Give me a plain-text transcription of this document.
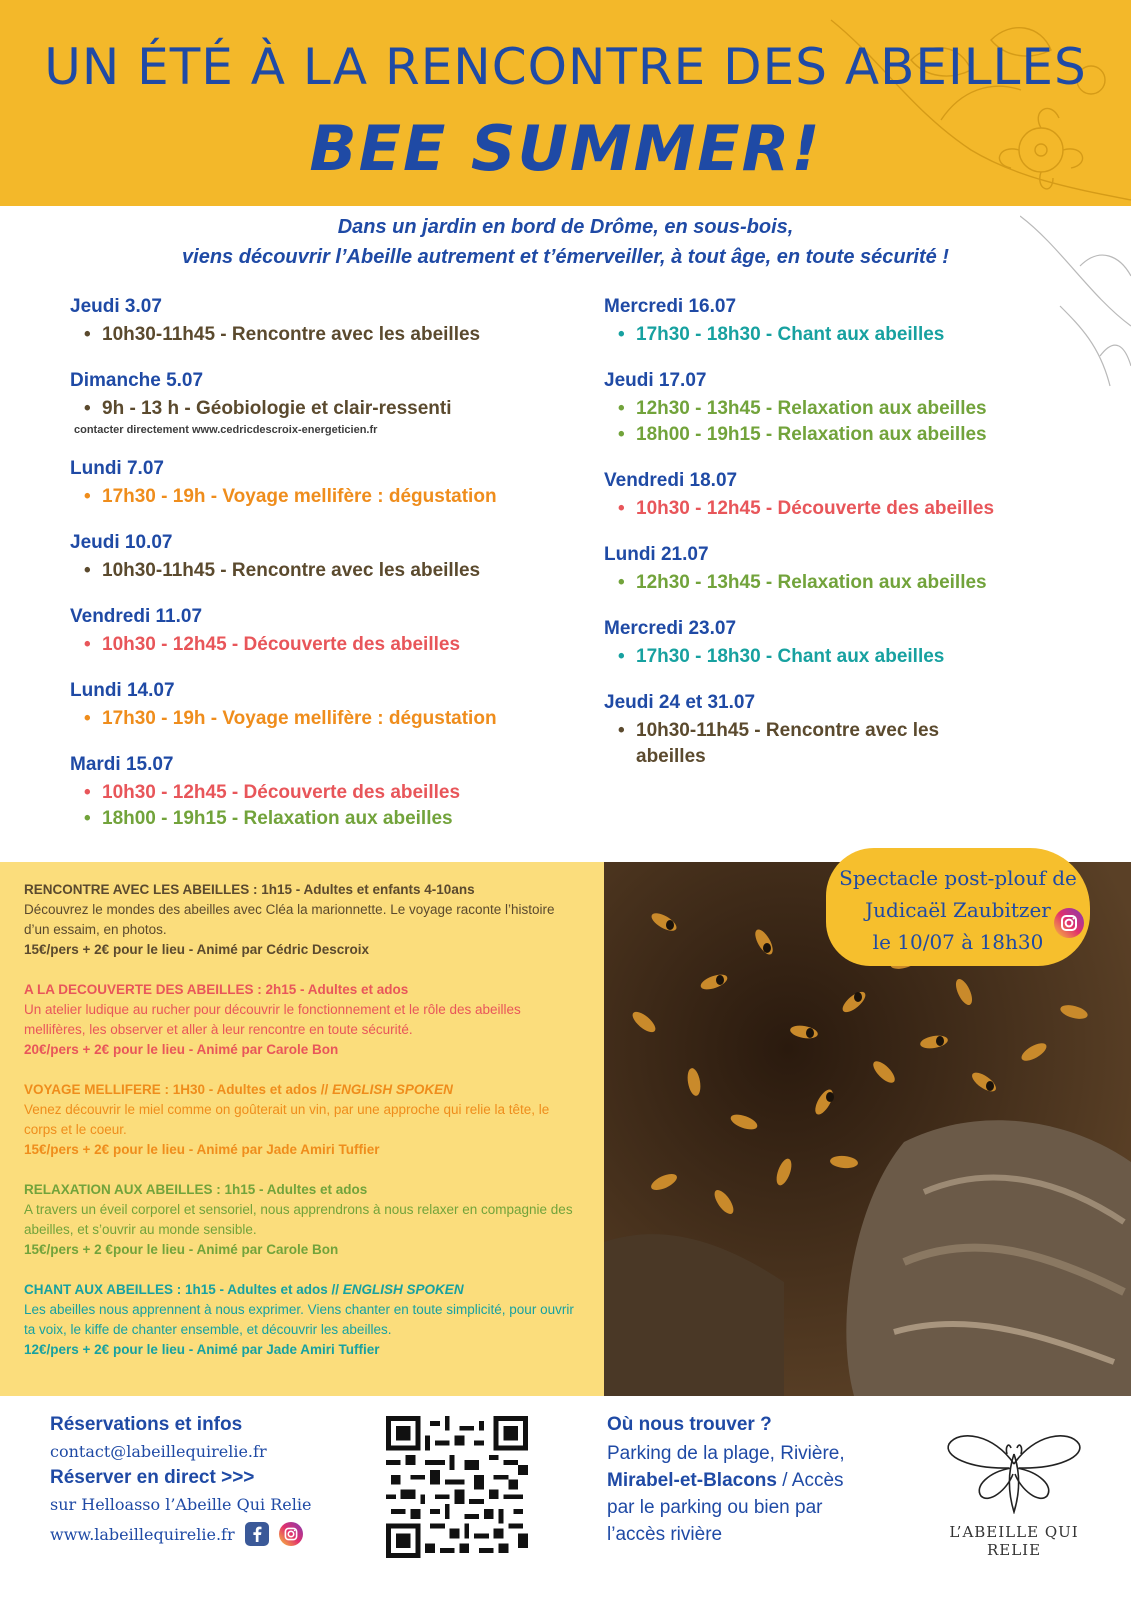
UN ÉTÉ À LA RENCONTRE DES ABEILLES
BEE SUMMER!
Dans un jardin en bord de Drôme, en sous-bois,
viens découvrir l’Abeille autrement et t’émerveiller, à tout âge, en toute sécurité !
Jeudi 3.07
• 10h30-11h45 - Rencontre avec les abeilles
Dimanche 5.07
• 9h - 13 h - Géobiologie et clair-ressenti
contacter directement www.cedricdescroix-energeticien.fr
Lundi 7.07
• 17h30 - 19h - Voyage mellifère : dégustation
Jeudi 10.07
• 10h30-11h45 - Rencontre avec les abeilles
Vendredi 11.07
• 10h30 - 12h45 - Découverte des abeilles
Lundi 14.07
• 17h30 - 19h - Voyage mellifère : dégustation
Mardi 15.07
• 10h30 - 12h45 - Découverte des abeilles
• 18h00 - 19h15 - Relaxation aux abeilles
Mercredi 16.07
• 17h30 - 18h30 - Chant aux abeilles
Jeudi 17.07
• 12h30 - 13h45 - Relaxation aux abeilles
• 18h00 - 19h15 - Relaxation aux abeilles
Vendredi 18.07
• 10h30 - 12h45 - Découverte des abeilles
Lundi 21.07
• 12h30 - 13h45 - Relaxation aux abeilles
Mercredi 23.07
• 17h30 - 18h30 - Chant aux abeilles
Jeudi 24 et 31.07
• 10h30-11h45 - Rencontre avec les abeilles
RENCONTRE AVEC LES ABEILLES : 1h15 - Adultes et enfants 4-10ans
Découvrez le mondes des abeilles avec Cléa la marionnette. Le voyage raconte l’histoire d’un essaim, en photos.
15€/pers + 2€ pour le lieu - Animé par Cédric Descroix
A LA DECOUVERTE DES ABEILLES : 2h15 - Adultes et ados
Un atelier ludique au rucher pour découvrir le fonctionnement et le rôle des abeilles mellifères, les observer et aller à leur rencontre en toute sécurité.
20€/pers + 2€ pour le lieu - Animé par Carole Bon
VOYAGE MELLIFERE : 1H30 - Adultes et ados // ENGLISH SPOKEN
Venez découvrir le miel comme on goûterait un vin, par une approche qui relie la tête, le corps et le coeur.
15€/pers + 2€ pour le lieu - Animé par Jade Amiri Tuffier
RELAXATION AUX ABEILLES : 1h15 - Adultes et ados
A travers un éveil corporel et sensoriel, nous apprendrons à nous relaxer en compagnie des abeilles, et s’ouvrir au monde sensible.
15€/pers + 2 €pour le lieu - Animé par Carole Bon
CHANT AUX ABEILLES : 1h15 - Adultes et ados // ENGLISH SPOKEN
Les abeilles nous apprennent à nous exprimer. Viens chanter en toute simplicité, pour ouvrir ta voix, le kiffe de chanter ensemble, et découvrir les abeilles.
12€/pers + 2€ pour le lieu - Animé par Jade Amiri Tuffier
Spectacle post-plouf de
Judicaël Zaubitzer
le 10/07 à 18h30
Réservations et infos
contact@labeillequirelie.fr
Réserver en direct >>>
sur Helloasso l’Abeille Qui Relie
www.labeillequirelie.fr
Où nous trouver ?
Parking de la plage, Rivière,
Mirabel-et-Blacons / Accès
par le parking ou bien par
l’accès rivière	L’ABEILLE QUI RELIE
